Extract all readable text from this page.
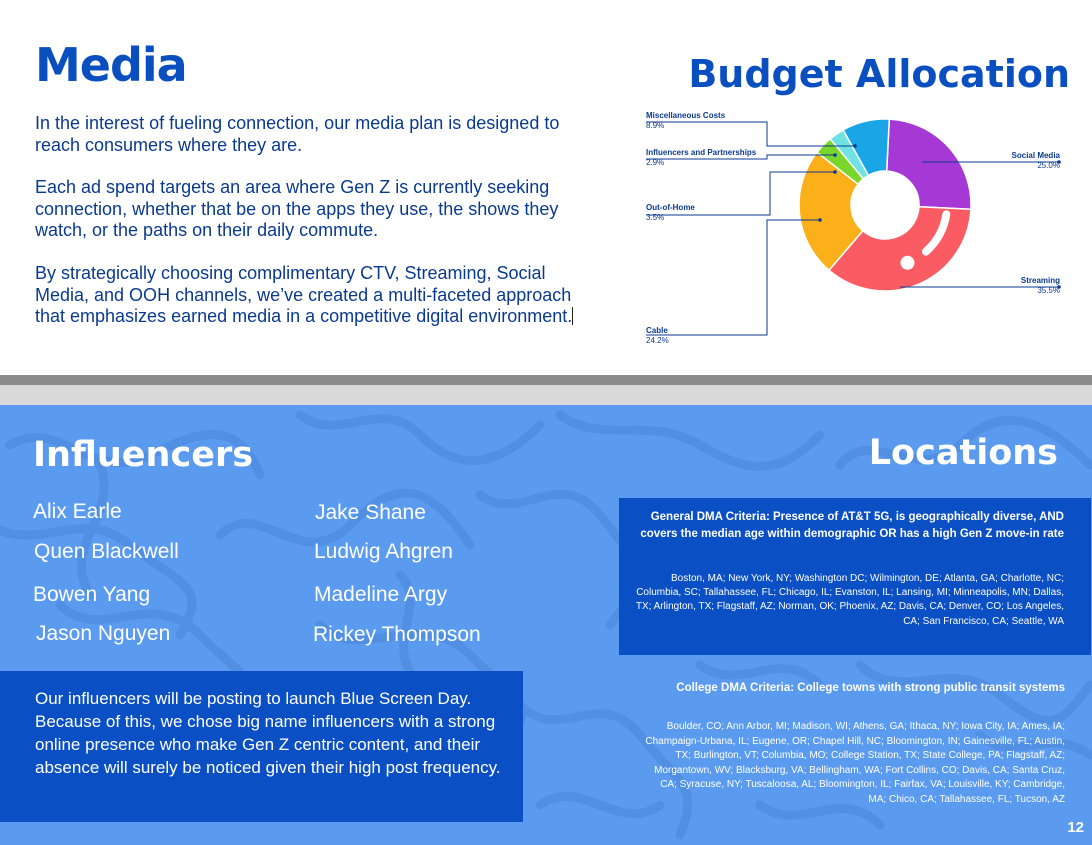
Media

In the interest of fueling connection, our media plan is designed to reach consumers where they are.

Each ad spend targets an area where Gen Z is currently seeking connection, whether that be on the apps they use, the shows they watch, or the paths on their daily commute.

By strategically choosing complimentary CTV, Streaming, Social Media, and OOH channels, we’ve created a multi-faceted approach that emphasizes earned media in a competitive digital environment.

Budget Allocation
Miscellaneous Costs
8.9%
Influencers and Partnerships
2.9%
Out-of-Home
3.5%
Cable
24.2%
Social Media
25.0%
Streaming
35.5%
Influencers	Locations
Alix Earle	Jake Shane
Quen Blackwell	Ludwig Ahgren
Bowen Yang	Madeline Argy
Jason Nguyen	Rickey Thompson

Our influencers will be posting to launch Blue Screen Day. Because of this, we chose big name influencers with a strong online presence who make Gen Z centric content, and their absence will surely be noticed given their high post frequency.

General DMA Criteria: Presence of AT&T 5G, is geographically diverse, AND covers the median age within demographic OR has a high Gen Z move-in rate
Boston, MA; New York, NY; Washington DC; Wilmington, DE; Atlanta, GA; Charlotte, NC; Columbia, SC; Tallahassee, FL; Chicago, IL; Evanston, IL; Lansing, MI; Minneapolis, MN; Dallas, TX; Arlington, TX; Flagstaff, AZ; Norman, OK; Phoenix, AZ; Davis, CA; Denver, CO; Los Angeles, CA; San Francisco, CA; Seattle, WA
College DMA Criteria: College towns with strong public transit systems
Boulder, CO; Ann Arbor, MI; Madison, WI; Athens, GA; Ithaca, NY; Iowa City, IA; Ames, IA; Champaign-Urbana, IL; Eugene, OR; Chapel Hill, NC; Bloomington, IN; Gainesville, FL; Austin, TX; Burlington, VT; Columbia, MO; College Station, TX; State College, PA; Flagstaff, AZ; Morgantown, WV; Blacksburg, VA; Bellingham, WA; Fort Collins, CO; Davis, CA; Santa Cruz, CA; Syracuse, NY; Tuscaloosa, AL; Bloomington, IL; Fairfax, VA; Louisville, KY; Cambridge, MA; Chico, CA; Tallahassee, FL; Tucson, AZ
12
